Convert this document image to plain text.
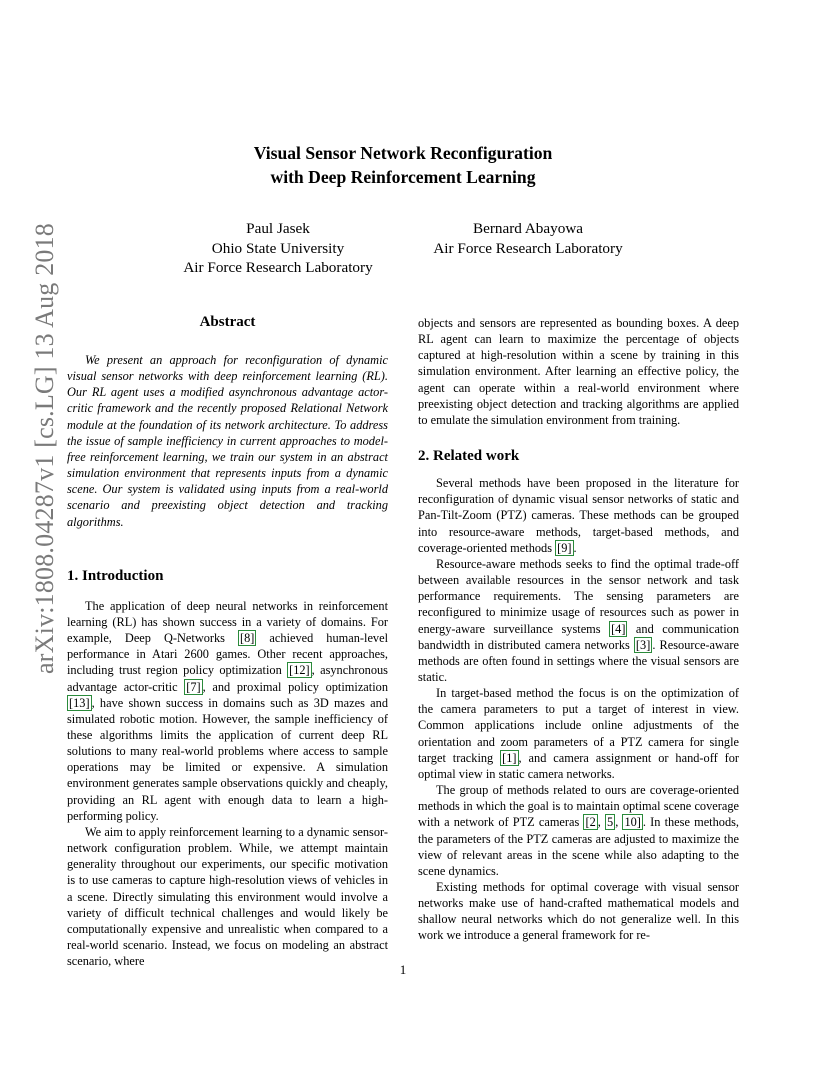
arXiv:1808.04287v1 [cs.LG] 13 Aug 2018
Visual Sensor Network Reconfiguration
with Deep Reinforcement Learning
Paul Jasek
Ohio State University
Air Force Research Laboratory
Bernard Abayowa
Air Force Research Laboratory
Abstract

We present an approach for reconfiguration of dynamic visual sensor networks with deep reinforcement learning (RL). Our RL agent uses a modified asynchronous advantage actor-critic framework and the recently proposed Relational Network module at the foundation of its network architecture. To address the issue of sample inefficiency in current approaches to model-free reinforcement learning, we train our system in an abstract simulation environment that represents inputs from a dynamic scene. Our system is validated using inputs from a real-world scenario and preexisting object detection and tracking algorithms.

1. Introduction

The application of deep neural networks in reinforcement learning (RL) has shown success in a variety of domains. For example, Deep Q-Networks [8] achieved human-level performance in Atari 2600 games. Other recent approaches, including trust region policy optimization [12] , asynchronous advantage actor-critic [7] , and proximal policy optimization [13] , have shown success in domains such as 3D mazes and simulated robotic motion. However, the sample inefficiency of these algorithms limits the application of current deep RL solutions to many real-world problems where access to sample operations may be limited or expensive. A simulation environment generates sample observations quickly and cheaply, providing an RL agent with enough data to learn a high-performing policy.

We aim to apply reinforcement learning to a dynamic sensor-network configuration problem. While, we attempt maintain generality throughout our experiments, our specific motivation is to use cameras to capture high-resolution views of vehicles in a scene. Directly simulating this environment would involve a variety of difficult technical challenges and would likely be computationally expensive and unrealistic when compared to a real-world scenario. Instead, we focus on modeling an abstract scenario, where

objects and sensors are represented as bounding boxes. A deep RL agent can learn to maximize the percentage of objects captured at high-resolution within a scene by training in this simulation environment. After learning an effective policy, the agent can operate within a real-world environment where preexisting object detection and tracking algorithms are applied to emulate the simulation environment from training.

2. Related work

Several methods have been proposed in the literature for reconfiguration of dynamic visual sensor networks of static and Pan-Tilt-Zoom (PTZ) cameras. These methods can be grouped into resource-aware methods, target-based methods, and coverage-oriented methods [9] .

Resource-aware methods seeks to find the optimal trade-off between available resources in the sensor network and task performance requirements. The sensing parameters are reconfigured to minimize usage of resources such as power in energy-aware surveillance systems [4] and communication bandwidth in distributed camera networks [3] . Resource-aware methods are often found in settings where the visual sensors are static.

In target-based method the focus is on the optimization of the camera parameters to put a target of interest in view. Common applications include online adjustments of the orientation and zoom parameters of a PTZ camera for single target tracking [1] , and camera assignment or hand-off for optimal view in static camera networks.

The group of methods related to ours are coverage-oriented methods in which the goal is to maintain optimal scene coverage with a network of PTZ cameras [2 , 5 , 10] . In these methods, the parameters of the PTZ cameras are adjusted to maximize the view of relevant areas in the scene while also adapting to the scene dynamics.

Existing methods for optimal coverage with visual sensor networks make use of hand-crafted mathematical models and shallow neural networks which do not generalize well. In this work we introduce a general framework for re-

1
